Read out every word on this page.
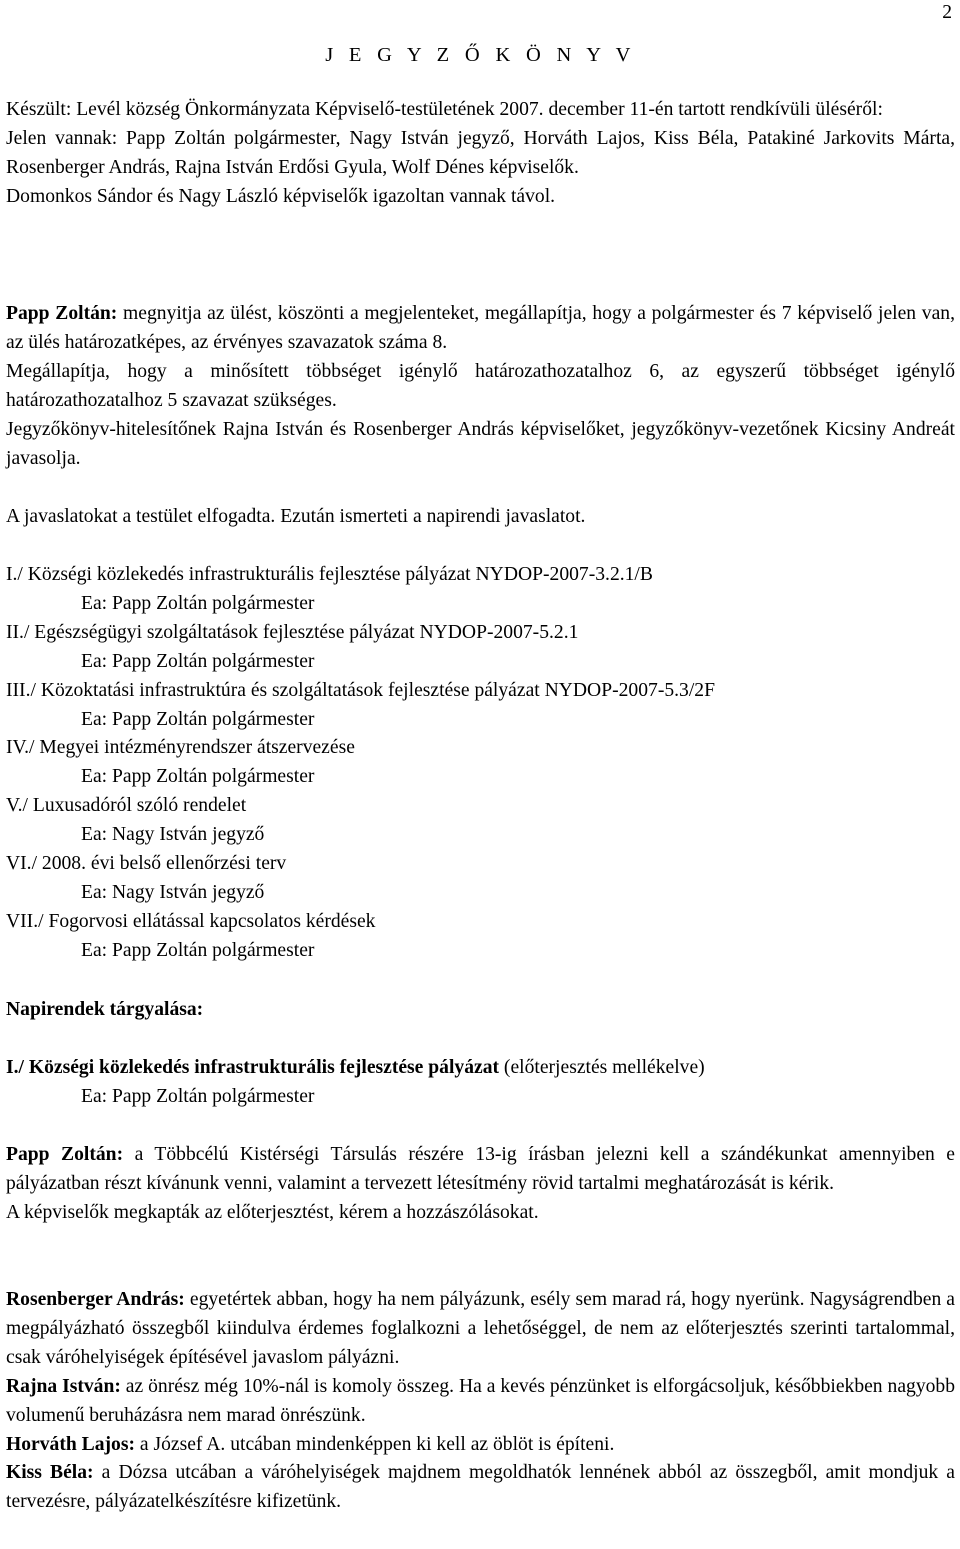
2
J E G Y Z Ő K Ö N Y V

Készült: Levél község Önkormányzata Képviselő-testületének 2007. december 11-én tartott rendkívüli üléséről:

Jelen vannak: Papp Zoltán polgármester, Nagy István jegyző, Horváth Lajos, Kiss Béla, Patakiné Jarkovits Márta, Rosenberger András, Rajna István Erdősi Gyula, Wolf Dénes képviselők.

Domonkos Sándor és Nagy László képviselők igazoltan vannak távol.

Papp Zoltán: megnyitja az ülést, köszönti a megjelenteket, megállapítja, hogy a polgármester és 7 képviselő jelen van, az ülés határozatképes, az érvényes szavazatok száma 8.

Megállapítja, hogy a minősített többséget igénylő határozathozatalhoz 6, az egyszerű többséget igénylő határozathozatalhoz 5 szavazat szükséges.

Jegyzőkönyv-hitelesítőnek Rajna István és Rosenberger András képviselőket, jegyzőkönyv-vezetőnek Kicsiny Andreát javasolja.

A javaslatokat a testület elfogadta. Ezután ismerteti a napirendi javaslatot.

I./ Községi közlekedés infrastrukturális fejlesztése pályázat NYDOP-2007-3.2.1/B

Ea: Papp Zoltán polgármester

II./ Egészségügyi szolgáltatások fejlesztése pályázat NYDOP-2007-5.2.1

Ea: Papp Zoltán polgármester

III./ Közoktatási infrastruktúra és szolgáltatások fejlesztése pályázat NYDOP-2007-5.3/2F

Ea: Papp Zoltán polgármester

IV./ Megyei intézményrendszer átszervezése

Ea: Papp Zoltán polgármester

V./ Luxusadóról szóló rendelet

Ea: Nagy István jegyző

VI./ 2008. évi belső ellenőrzési terv

Ea: Nagy István jegyző

VII./ Fogorvosi ellátással kapcsolatos kérdések

Ea: Papp Zoltán polgármester

Napirendek tárgyalása:

I./ Községi közlekedés infrastrukturális fejlesztése pályázat (előterjesztés mellékelve)

Ea: Papp Zoltán polgármester

Papp Zoltán: a Többcélú Kistérségi Társulás részére 13-ig írásban jelezni kell a szándékunkat amennyiben e pályázatban részt kívánunk venni, valamint a tervezett létesítmény rövid tartalmi meghatározását is kérik.

A képviselők megkapták az előterjesztést, kérem a hozzászólásokat.

Rosenberger András: egyetértek abban, hogy ha nem pályázunk, esély sem marad rá, hogy nyerünk. Nagyságrendben a megpályázható összegből kiindulva érdemes foglalkozni a lehetőséggel, de nem az előterjesztés szerinti tartalommal, csak váróhelyiségek építésével javaslom pályázni.

Rajna István: az önrész még 10%-nál is komoly összeg. Ha a kevés pénzünket is elforgácsoljuk, későbbiekben nagyobb volumenű beruházásra nem marad önrészünk.

Horváth Lajos: a József A. utcában mindenképpen ki kell az öblöt is építeni.

Kiss Béla: a Dózsa utcában a váróhelyiségek majdnem megoldhatók lennének abból az összegből, amit mondjuk a tervezésre, pályázatelkészítésre kifizetünk.
